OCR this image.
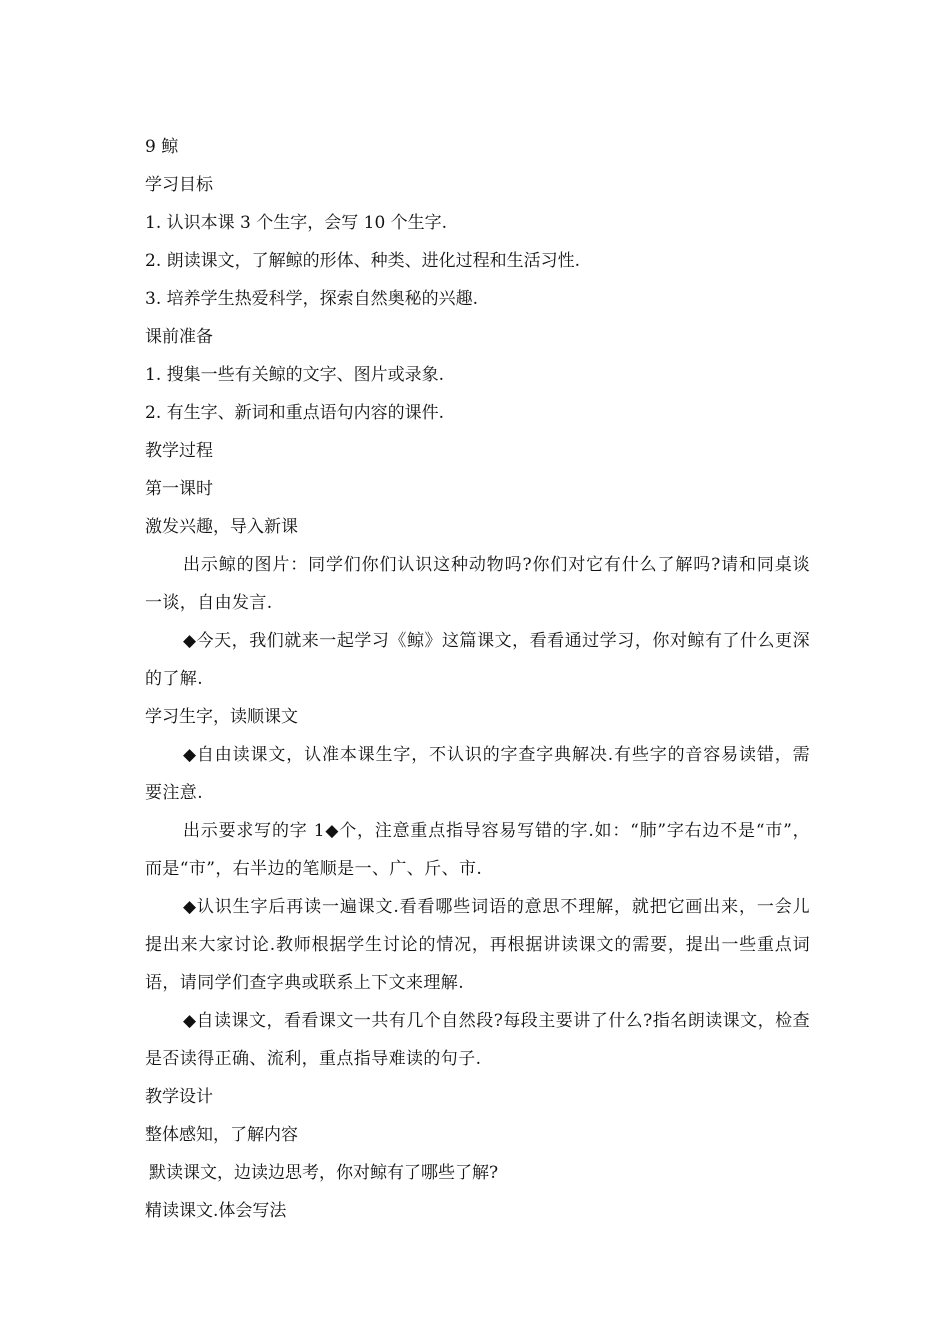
9 鲸
学习目标
1. 认识本课 3 个生字，会写 10 个生字.
2. 朗读课文，了解鲸的形体、种类、进化过程和生活习性.
3. 培养学生热爱科学，探索自然奥秘的兴趣.
课前准备
1. 搜集一些有关鲸的文字、图片或录象.
2. 有生字、新词和重点语句内容的课件.
教学过程
第一课时
激发兴趣，导入新课
出示鲸的图片：同学们你们认识这种动物吗?你们对它有什么了解吗?请和同桌谈一谈，自由发言.
◆今天，我们就来一起学习《鲸》这篇课文，看看通过学习，你对鲸有了什么更深的了解.
学习生字，读顺课文
◆自由读课文，认准本课生字，不认识的字查字典解决.有些字的音容易读错，需要注意.
出示要求写的字 1◆个，注意重点指导容易写错的字.如：“肺”字右边不是“巿”，而是“市”，右半边的笔顺是一、广、斤、市.
◆认识生字后再读一遍课文.看看哪些词语的意思不理解，就把它画出来，一会儿提出来大家讨论.教师根据学生讨论的情况，再根据讲读课文的需要，提出一些重点词语，请同学们查字典或联系上下文来理解.
◆自读课文，看看课文一共有几个自然段?每段主要讲了什么?指名朗读课文，检查是否读得正确、流利，重点指导难读的句子.
教学设计
整体感知，了解内容
默读课文，边读边思考，你对鲸有了哪些了解?
精读课文.体会写法
